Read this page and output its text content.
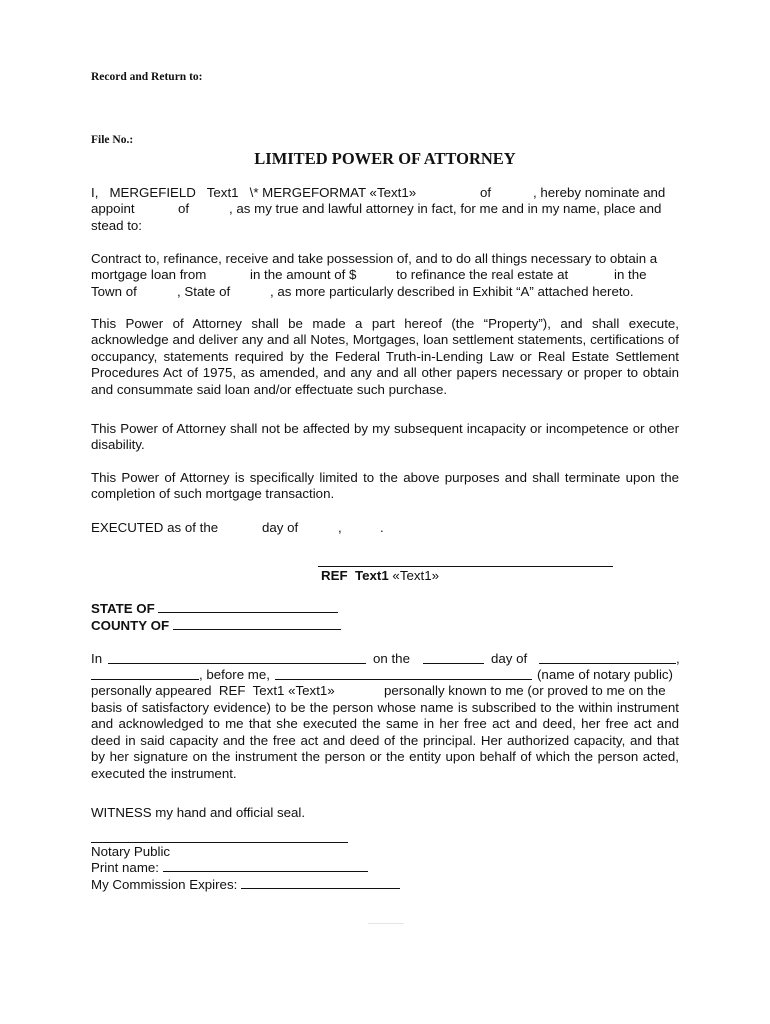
Record and Return to:
File No.:
LIMITED POWER OF ATTORNEY
I,   MERGEFIELD   Text1   \* MERGEFORMAT «Text1»	of	, hereby nominate and
appoint	of	, as my true and lawful attorney in fact, for me and in my name, place and
stead to:
Contract to, refinance, receive and take possession of, and to do all things necessary to obtain a
mortgage loan from	in the amount of $	to refinance the real estate at	in the
Town of	, State of	, as more particularly described in Exhibit “A” attached hereto.
This Power of Attorney shall be made a part hereof (the “Property”), and shall execute, acknowledge and deliver any and all Notes, Mortgages, loan settlement statements, certifications of occupancy, statements required by the Federal Truth-in-Lending Law or Real Estate Settlement Procedures Act of 1975, as amended, and any and all other papers necessary or proper to obtain and consummate said loan and/or effectuate such purchase.
This Power of Attorney shall not be affected by my subsequent incapacity or incompetence or other disability.
This Power of Attorney is specifically limited to the above purposes and shall terminate upon the completion of such mortgage transaction.
EXECUTED as of the	day of	,	.
REF  Text1 «Text1»
STATE OF
COUNTY OF
In	on the	day of	,
, before me,	(name of notary public)
personally appeared  REF  Text1 «Text1»	personally known to me (or proved to me on the
basis of satisfactory evidence) to be the person whose name is subscribed to the within instrument and acknowledged to me that she executed the same in her free act and deed, her free act and deed in said capacity and the free act and deed of the principal. Her authorized capacity, and that by her signature on the instrument the person or the entity upon behalf of which the person acted, executed the instrument.
WITNESS my hand and official seal.
Notary Public
Print name:
My Commission Expires:
